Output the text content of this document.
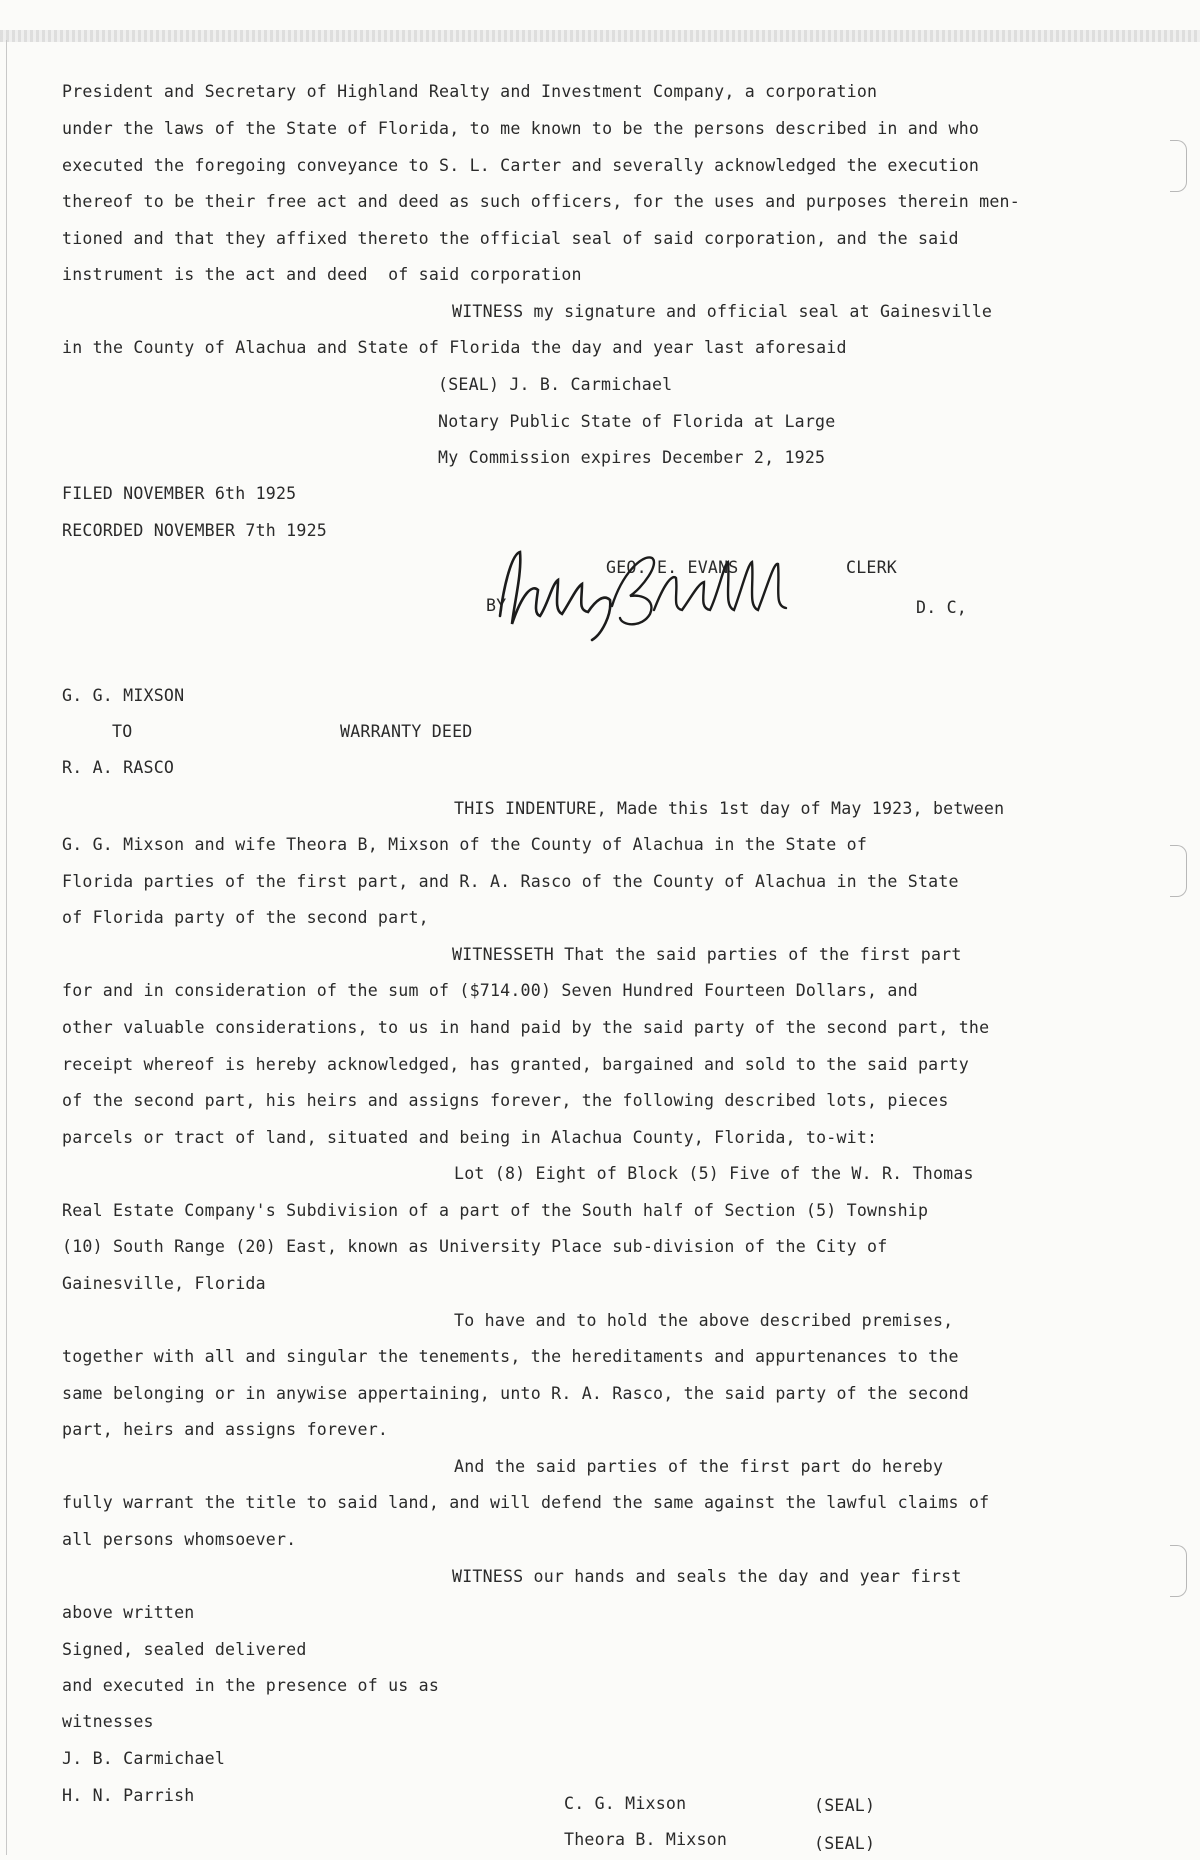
President and Secretary of Highland Realty and Investment Company, a corporation
under the laws of the State of Florida, to me known to be the persons described in and who
executed the foregoing conveyance to S. L. Carter and severally acknowledged the execution
thereof to be their free act and deed as such officers, for the uses and purposes therein men-
tioned and that they affixed thereto the official seal of said corporation, and the said
instrument is the act and deed  of said corporation
WITNESS my signature and official seal at Gainesville
in the County of Alachua and State of Florida the day and year last aforesaid
(SEAL) J. B. Carmichael
Notary Public State of Florida at Large
My Commission expires December 2, 1925
FILED NOVEMBER 6th 1925
RECORDED NOVEMBER 7th 1925
GEO. E. EVANS	CLERK
BY	D. C,
G. G. MIXSON
TO	WARRANTY DEED
R. A. RASCO
THIS INDENTURE, Made this 1st day of May 1923, between
G. G. Mixson and wife Theora B, Mixson of the County of Alachua in the State of
Florida parties of the first part, and R. A. Rasco of the County of Alachua in the State
of Florida party of the second part,
WITNESSETH That the said parties of the first part
for and in consideration of the sum of ($714.00) Seven Hundred Fourteen Dollars, and
other valuable considerations, to us in hand paid by the said party of the second part, the
receipt whereof is hereby acknowledged, has granted, bargained and sold to the said party
of the second part, his heirs and assigns forever, the following described lots, pieces
parcels or tract of land, situated and being in Alachua County, Florida, to-wit:
Lot (8) Eight of Block (5) Five of the W. R. Thomas
Real Estate Company's Subdivision of a part of the South half of Section (5) Township
(10) South Range (20) East, known as University Place sub-division of the City of
Gainesville, Florida
To have and to hold the above described premises,
together with all and singular the tenements, the hereditaments and appurtenances to the
same belonging or in anywise appertaining, unto R. A. Rasco, the said party of the second
part, heirs and assigns forever.
And the said parties of the first part do hereby
fully warrant the title to said land, and will defend the same against the lawful claims of
all persons whomsoever.
WITNESS our hands and seals the day and year first
above written
Signed, sealed delivered
and executed in the presence of us as
witnesses
J. B. Carmichael
H. N. Parrish	C. G. Mixson	(SEAL)
Theora B. Mixson	(SEAL)
